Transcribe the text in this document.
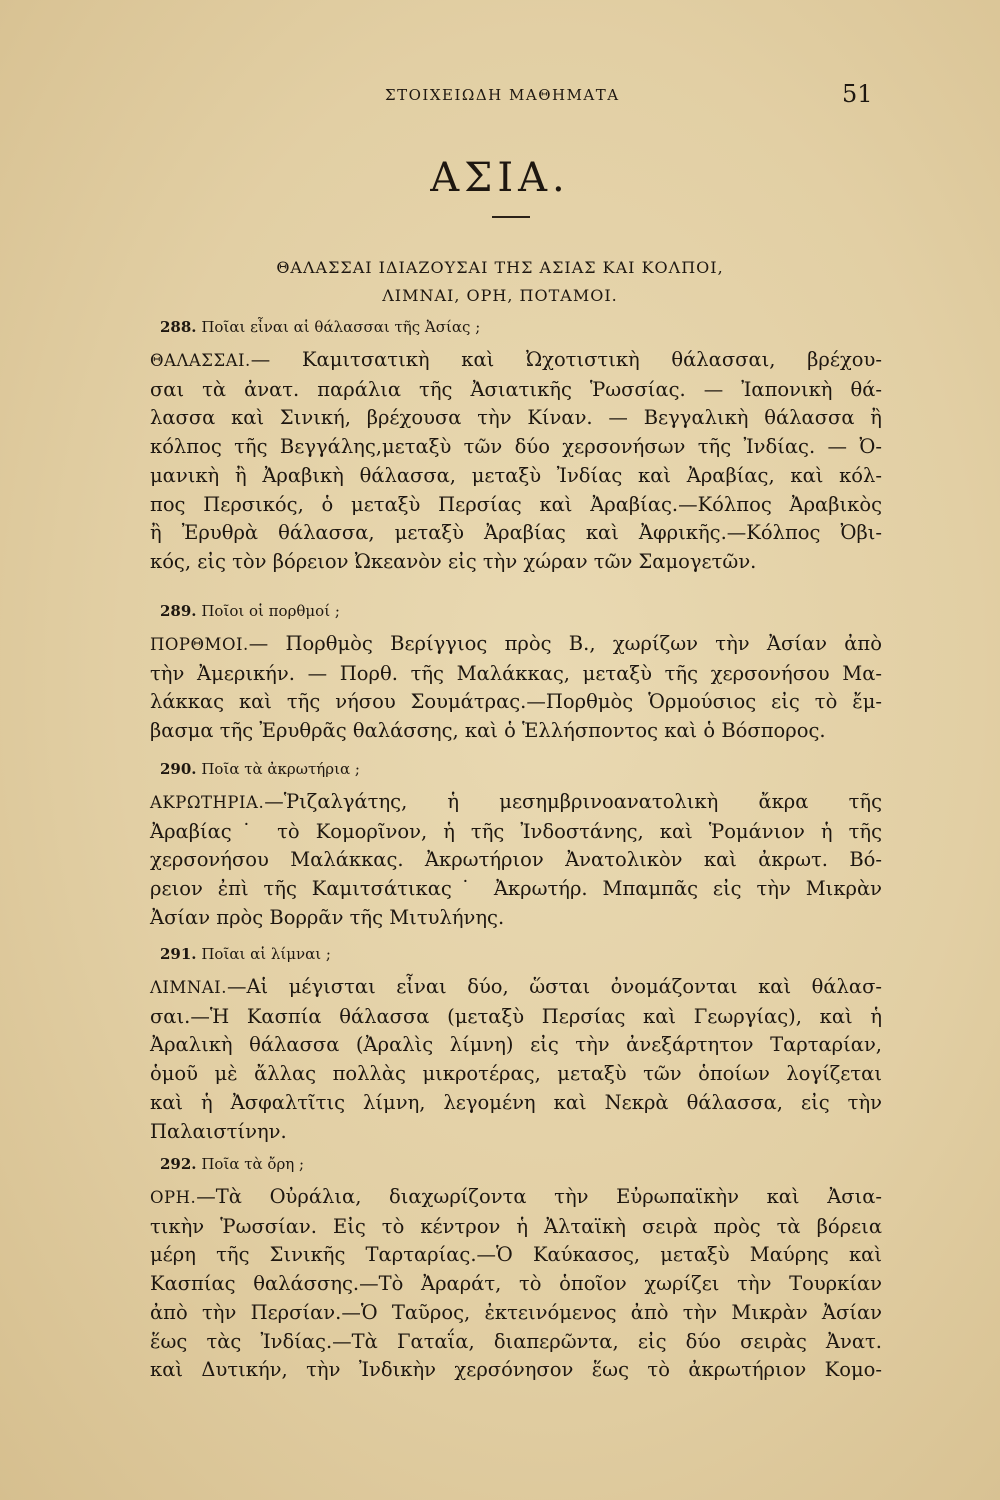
ΣΤΟΙΧΕΙΩΔΗ ΜΑΘΗΜΑΤΑ	51
ΑΣΙΑ.
ΘΑΛΑΣΣΑΙ ΙΔΙΑΖΟΥΣΑΙ ΤΗΣ ΑΣΙΑΣ ΚΑΙ ΚΟΛΠΟΙ,
ΛΙΜΝΑΙ, ΟΡΗ, ΠΟΤΑΜΟΙ.
288. Ποῖαι εἶναι αἱ θάλασσαι τῆς Ἀσίας ;
ΘΑΛΑΣΣΑΙ.— Καμιτσατικὴ καὶ Ὠχοτιστικὴ θάλασσαι, βρέχου-
σαι τὰ ἀνατ. παράλια τῆς Ἀσιατικῆς Ῥωσσίας. — Ἰαπονικὴ θά-
λασσα καὶ Σινική, βρέχουσα τὴν Κίναν. — Βεγγαλικὴ θάλασσα ἢ
κόλπος τῆς Βεγγάλης,μεταξὺ τῶν δύο χερσονήσων τῆς Ἰνδίας. — Ὀ-
μανικὴ ἢ Ἀραβικὴ θάλασσα, μεταξὺ Ἰνδίας καὶ Ἀραβίας, καὶ κόλ-
πος Περσικός, ὁ μεταξὺ Περσίας καὶ Ἀραβίας.—Κόλπος Ἀραβικὸς
ἢ Ἐρυθρὰ θάλασσα, μεταξὺ Ἀραβίας καὶ Ἀφρικῆς.—Κόλπος Ὀβι-
κός, εἰς τὸν βόρειον Ὠκεανὸν εἰς τὴν χώραν τῶν Σαμογετῶν.
289. Ποῖοι οἱ πορθμοί ;
ΠΟΡΘΜΟΙ.— Πορθμὸς Βερίγγιος πρὸς Β., χωρίζων τὴν Ἀσίαν ἀπὸ
τὴν Ἀμερικήν. — Πορθ. τῆς Μαλάκκας, μεταξὺ τῆς χερσονήσου Μα-
λάκκας καὶ τῆς νήσου Σουμάτρας.—Πορθμὸς Ὁρμούσιος εἰς τὸ ἔμ-
βασμα τῆς Ἐρυθρᾶς θαλάσσης, καὶ ὁ Ἑλλήσποντος καὶ ὁ Βόσπορος.
290. Ποῖα τὰ ἀκρωτήρια ;
ΑΚΡΩΤΗΡΙΑ.—Ῥιζαλγάτης, ἡ μεσημβρινοανατολικὴ ἄκρα τῆς
Ἀραβίας˙ τὸ Κομορῖνον, ἡ τῆς Ἰνδοστάνης, καὶ Ῥομάνιον ἡ τῆς
χερσονήσου Μαλάκκας. Ἀκρωτήριον Ἀνατολικὸν καὶ ἀκρωτ. Βό-
ρειον ἐπὶ τῆς Καμιτσάτικας˙ Ἀκρωτήρ. Μπαμπᾶς εἰς τὴν Μικρὰν
Ἀσίαν πρὸς Βορρᾶν τῆς Μιτυλήνης.
291. Ποῖαι αἱ λίμναι ;
ΛΙΜΝΑΙ.—Αἱ μέγισται εἶναι δύο, ὥσται ὀνομάζονται καὶ θάλασ-
σαι.—Ἡ Κασπία θάλασσα (μεταξὺ Περσίας καὶ Γεωργίας), καὶ ἡ
Ἀραλικὴ θάλασσα (Ἀραλὶς λίμνη) εἰς τὴν ἀνεξάρτητον Ταρταρίαν,
ὁμοῦ μὲ ἄλλας πολλὰς μικροτέρας, μεταξὺ τῶν ὁποίων λογίζεται
καὶ ἡ Ἀσφαλτῖτις λίμνη, λεγομένη καὶ Νεκρὰ θάλασσα, εἰς τὴν
Παλαιστίνην.
292. Ποῖα τὰ ὄρη ;
ΟΡΗ.—Τὰ Οὐράλια, διαχωρίζοντα τὴν Εὐρωπαϊκὴν καὶ Ἀσια-
τικὴν Ῥωσσίαν. Εἰς τὸ κέντρον ἡ Ἀλταϊκὴ σειρὰ πρὸς τὰ βόρεια
μέρη τῆς Σινικῆς Ταρταρίας.—Ὁ Καύκασος, μεταξὺ Μαύρης καὶ
Κασπίας θαλάσσης.—Τὸ Ἀραράτ, τὸ ὁποῖον χωρίζει τὴν Τουρκίαν
ἀπὸ τὴν Περσίαν.—Ὁ Ταῦρος, ἐκτεινόμενος ἀπὸ τὴν Μικρὰν Ἀσίαν
ἕως τὰς Ἰνδίας.—Τὰ Γαταΐα, διαπερῶντα, εἰς δύο σειρὰς Ἀνατ.
καὶ Δυτικήν, τὴν Ἰνδικὴν χερσόνησον ἕως τὸ ἀκρωτήριον Κομο-
